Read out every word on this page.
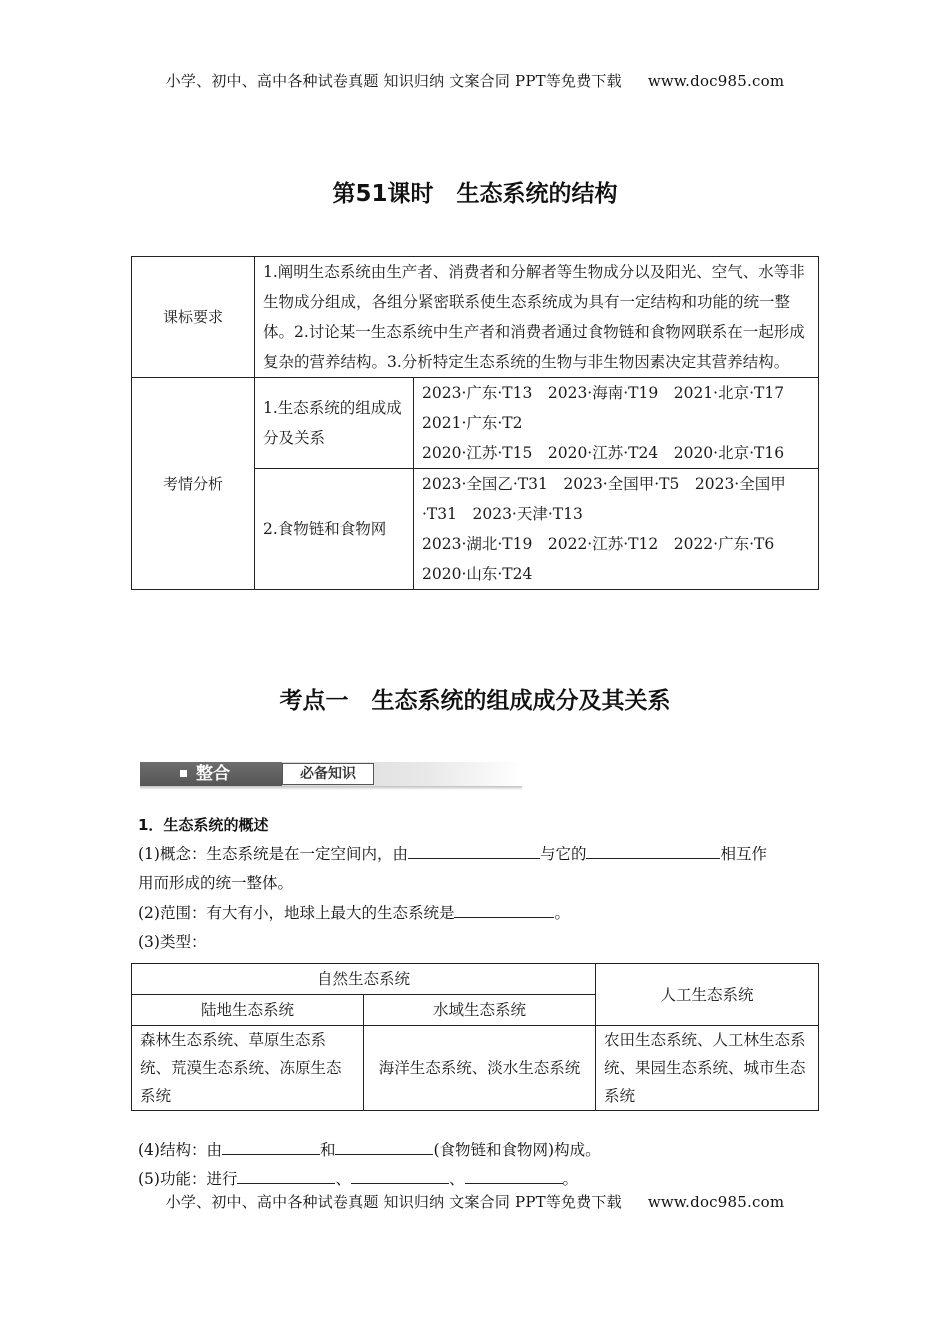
小学、初中、高中各种试卷真题 知识归纳 文案合同 PPT等免费下载 www.doc985.com
第51课时　生态系统的结构
课标要求	1.阐明生态系统由生产者、消费者和分解者等生物成分以及阳光、空气、水等非生物成分组成，各组分紧密联系使生态系统成为具有一定结构和功能的统一整体。2.讨论某一生态系统中生产者和消费者通过食物链和食物网联系在一起形成复杂的营养结构。3.分析特定生态系统的生物与非生物因素决定其营养结构。	
考情分析	1.生态系统的组成成分及关系	2023·广东·T13　2023·海南·T19　2021·北京·T17
2021·广东·T2
2020·江苏·T15　2020·江苏·T24　2020·北京·T16

	2.食物链和食物网	2023·全国乙·T31　2023·全国甲·T5　2023·全国甲
·T31　2023·天津·T13
2023·湖北·T19　2022·江苏·T12　2022·广东·T6
2020·山东·T24
考点一　生态系统的组成成分及其关系
整合	必备知识
1．生态系统的概述
(1)概念：生态系统是在一定空间内，由	与它的	相互作
用而形成的统一整体。
(2)范围：有大有小，地球上最大的生态系统是	。
(3)类型：
自然生态系统		人工生态系统
陆地生态系统	水域生态系统	
森林生态系统、草原生态系统、荒漠生态系统、冻原生态系统	海洋生态系统、淡水生态系统	农田生态系统、人工林生态系统、果园生态系统、城市生态系统
(4)结构：由	和	(食物链和食物网)构成。
(5)功能：进行	、	、	。
小学、初中、高中各种试卷真题 知识归纳 文案合同 PPT等免费下载 www.doc985.com
